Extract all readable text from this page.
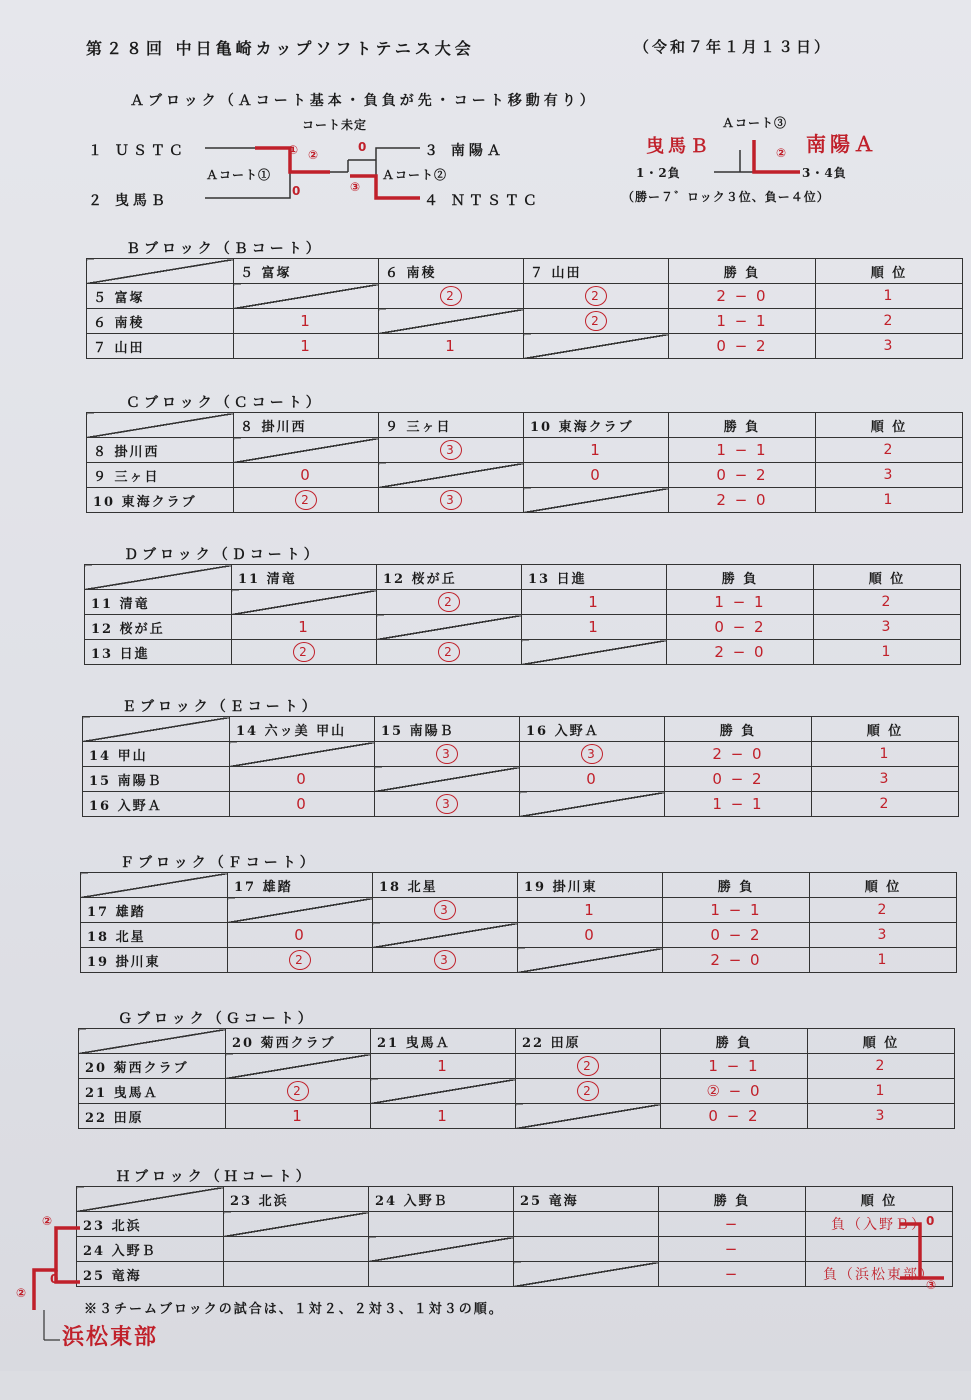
第２８回 中日亀崎カップソフトテニス大会	（令和７年１月１３日）
Ａブロック（Ａコート基本・負負が先・コート移動有り）
コート未定
１ ＵＳＴＣ
２ 曳馬Ｂ
３ 南陽Ａ
４ ＮＴＳＴＣ
Ａコート①	Ａコート②
Ａコート③
1・2負	3・4負
（勝ー７゛ロック３位、負ー４位）
曳馬Ｂ	南陽Ａ
① ②
③
0
0
②
Ｂブロック（Ｂコート）
	５ 富塚	６ 南稜	７ 山田	勝 負	順 位
５ 富塚		2	2	2 − 0	1
６ 南稜	1		2	1 − 1	2
７ 山田	1	1		0 − 2	3
Ｃブロック（Ｃコート）
	８ 掛川西	９ 三ヶ日	10 東海クラブ	勝 負	順 位
８ 掛川西		3	1	1 − 1	2
９ 三ヶ日	0		0	0 − 2	3
10 東海クラブ	2	3		2 − 0	1
Ｄブロック（Ｄコート）
	11 清竜	12 桜が丘	13 日進	勝 負	順 位
11 清竜		2	1	1 − 1	2
12 桜が丘	1		1	0 − 2	3
13 日進	2	2		2 − 0	1
Ｅブロック（Ｅコート）
	14 六ッ美 甲山	15 南陽Ｂ	16 入野Ａ	勝 負	順 位
14 甲山		3	3	2 − 0	1
15 南陽Ｂ	0		0	0 − 2	3
16 入野Ａ	0	3		1 − 1	2
Ｆブロック（Ｆコート）
	17 雄踏	18 北星	19 掛川東	勝 負	順 位
17 雄踏		3	1	1 − 1	2
18 北星	0		0	0 − 2	3
19 掛川東	2	3		2 − 0	1
Ｇブロック（Ｇコート）
	20 菊西クラブ	21 曳馬Ａ	22 田原	勝 負	順 位
20 菊西クラブ		1	2	1 − 1	2
21 曳馬Ａ	2		2	② − 0	1
22 田原	1	1		0 − 2	3
Ｈブロック（Ｈコート）
	23 北浜	24 入野Ｂ	25 竜海	勝 負	順 位
23 北浜				−	負（入野Ｂ）
24 入野Ｂ				−	
25 竜海				−	負（浜松東部）
※３チームブロックの試合は、１対２、２対３、１対３の順。
②
②
0
0
③
浜松東部
